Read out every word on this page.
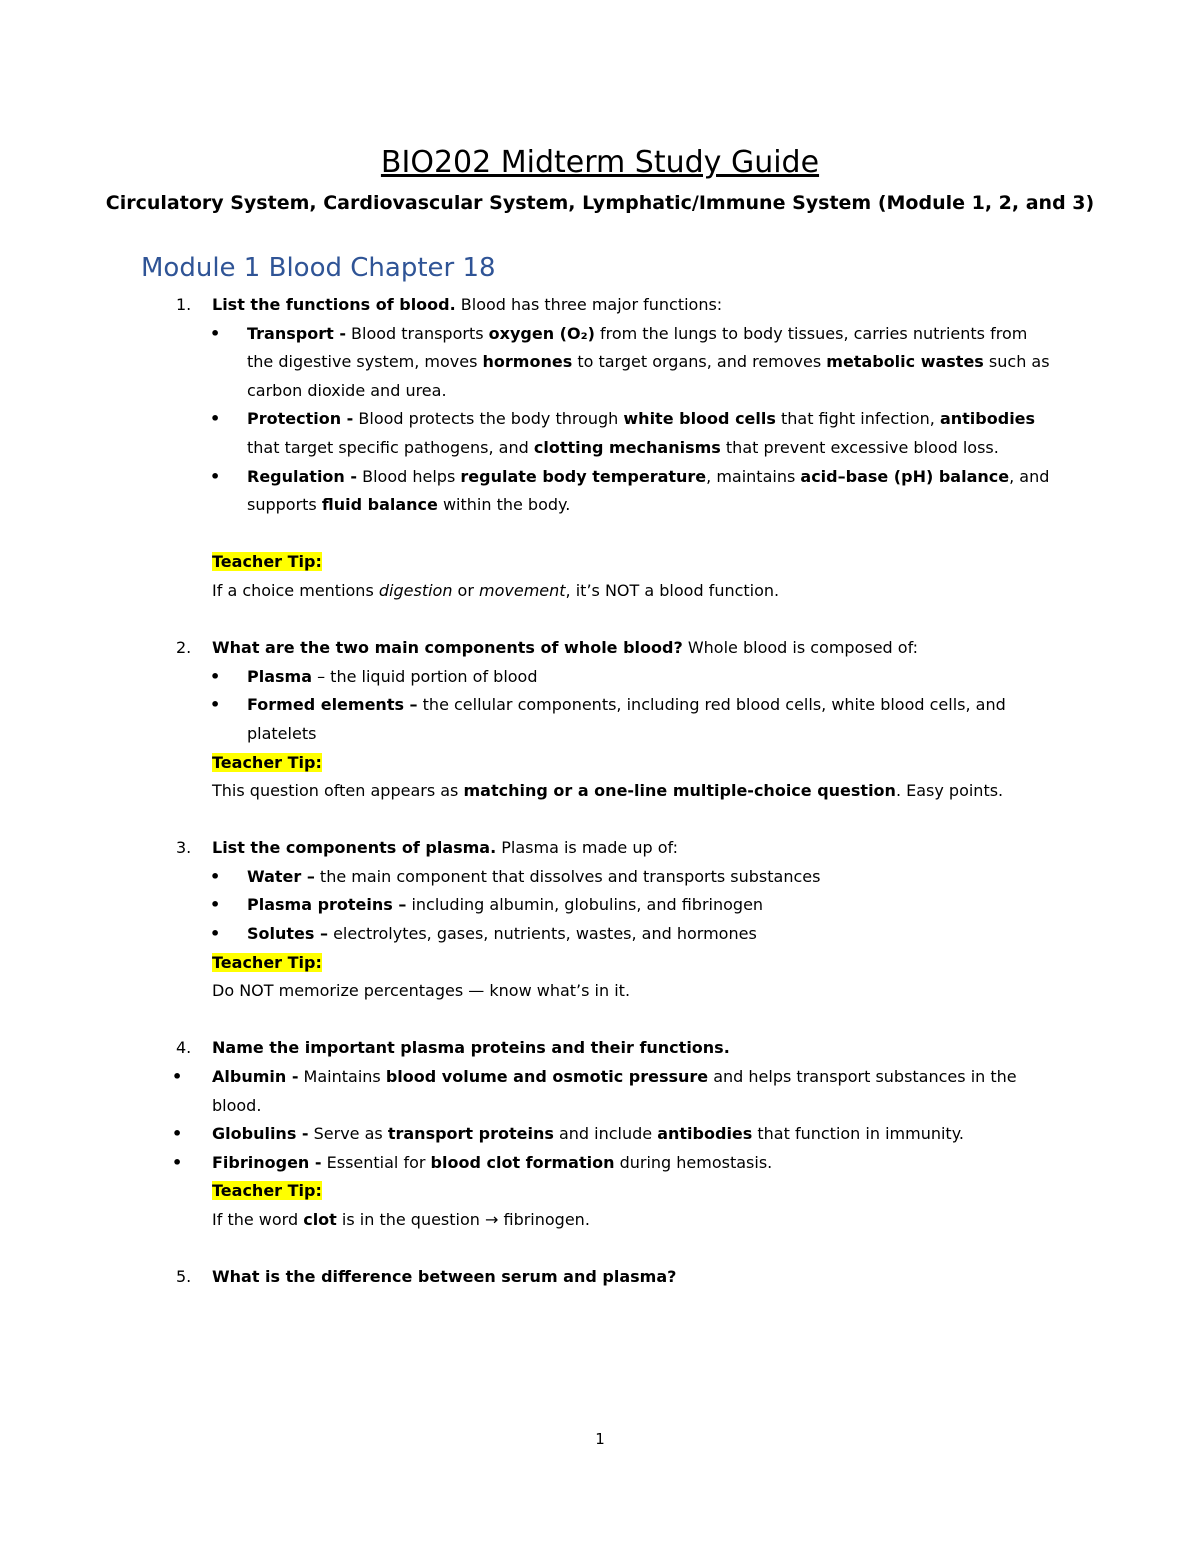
BIO202 Midterm Study Guide
Circulatory System, Cardiovascular System, Lymphatic/Immune System (Module 1, 2, and 3)
Module 1 Blood Chapter 18
1. List the functions of blood. Blood has three major functions:
• Transport - Blood transports oxygen (O₂) from the lungs to body tissues, carries nutrients from the digestive system, moves hormones to target organs, and removes metabolic wastes such as carbon dioxide and urea.
• Protection - Blood protects the body through white blood cells that fight infection, antibodies that target specific pathogens, and clotting mechanisms that prevent excessive blood loss.
• Regulation - Blood helps regulate body temperature, maintains acid–base (pH) balance, and supports fluid balance within the body.
Teacher Tip:
If a choice mentions digestion or movement, it’s NOT a blood function.
2. What are the two main components of whole blood? Whole blood is composed of:
• Plasma – the liquid portion of blood
• Formed elements – the cellular components, including red blood cells, white blood cells, and platelets
Teacher Tip:
This question often appears as matching or a one-line multiple-choice question. Easy points.
3. List the components of plasma. Plasma is made up of:
• Water – the main component that dissolves and transports substances
• Plasma proteins – including albumin, globulins, and fibrinogen
• Solutes – electrolytes, gases, nutrients, wastes, and hormones
Teacher Tip:
Do NOT memorize percentages — know what’s in it.
4. Name the important plasma proteins and their functions.
• Albumin - Maintains blood volume and osmotic pressure and helps transport substances in the blood.
• Globulins - Serve as transport proteins and include antibodies that function in immunity.
• Fibrinogen - Essential for blood clot formation during hemostasis.
Teacher Tip:
If the word clot is in the question → fibrinogen.
5. What is the difference between serum and plasma?
1
